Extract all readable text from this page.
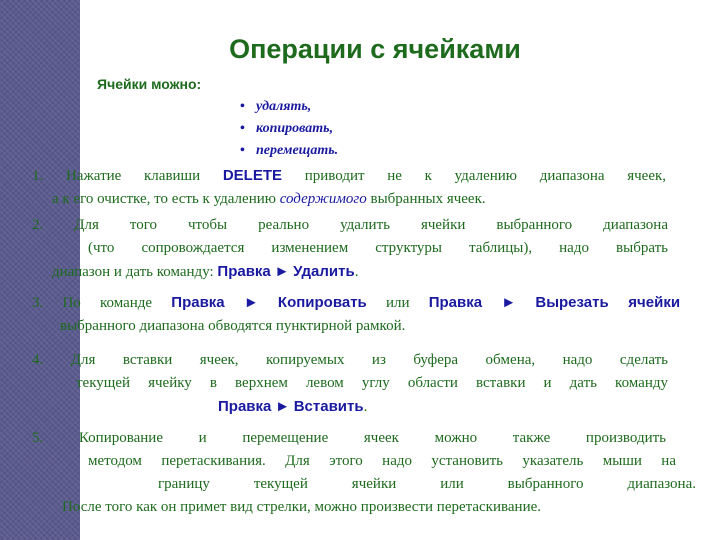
Операции с ячейками
Ячейки можно:
• удалять,
• копировать,
• перемещать.
1. Нажатие клавиши DELETE приводит не к удалению диапазона ячеек,
а к его очистке, то есть к удалению содержимого выбранных ячеек.
2. Для того чтобы реально удалить ячейки выбранного диапазона
(что сопровождается изменением структуры таблицы), надо выбрать
диапазон и дать команду: Правка ► Удалить.
3. По команде Правка ► Копировать или Правка ► Вырезать ячейки
выбранного диапазона обводятся пунктирной рамкой.
4. Для вставки ячеек, копируемых из буфера обмена, надо сделать
текущей ячейку в верхнем левом углу области вставки и дать команду
Правка ► Вставить.
5. Копирование и перемещение ячеек можно также производить
методом перетаскивания. Для этого надо установить указатель мыши на
границу текущей ячейки или выбранного диапазона.
После того как он примет вид стрелки, можно произвести перетаскивание.
